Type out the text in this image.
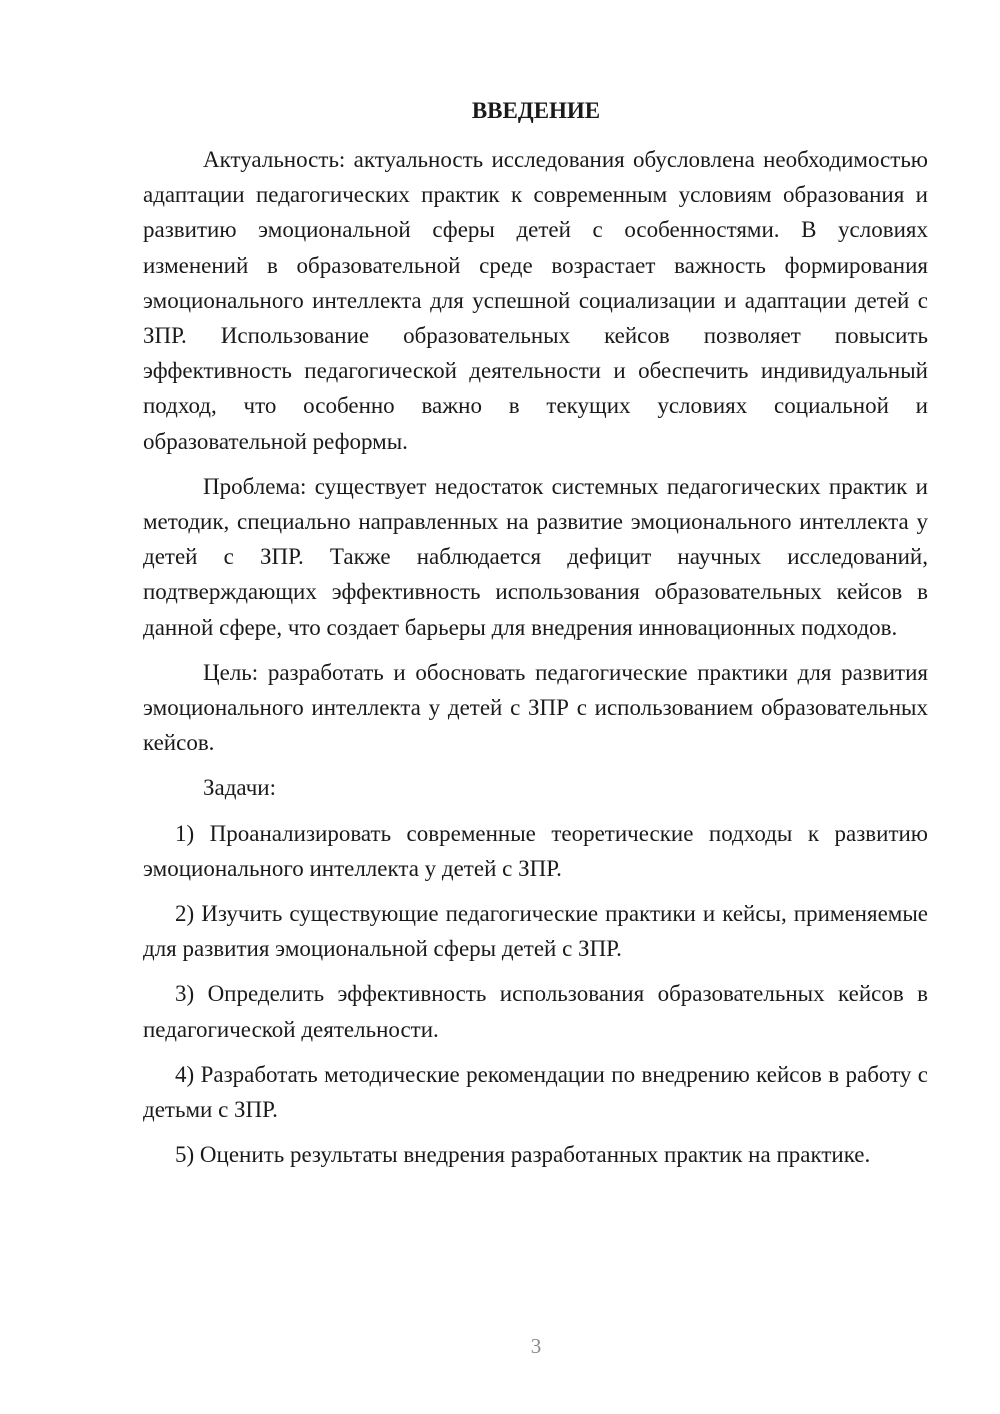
ВВЕДЕНИЕ

Актуальность: актуальность исследования обусловлена необходимостью адаптации педагогических практик к современным условиям образования и развитию эмоциональной сферы детей с особенностями. В условиях изменений в образовательной среде возрастает важность формирования эмоционального интеллекта для успешной социализации и адаптации детей с ЗПР. Использование образовательных кейсов позволяет повысить эффективность педагогической деятельности и обеспечить индивидуальный подход, что особенно важно в текущих условиях социальной и образовательной реформы.

Проблема: существует недостаток системных педагогических практик и методик, специально направленных на развитие эмоционального интеллекта у детей с ЗПР. Также наблюдается дефицит научных исследований, подтверждающих эффективность использования образовательных кейсов в данной сфере, что создает барьеры для внедрения инновационных подходов.

Цель: разработать и обосновать педагогические практики для развития эмоционального интеллекта у детей с ЗПР с использованием образовательных кейсов.

Задачи:

1) Проанализировать современные теоретические подходы к развитию эмоционального интеллекта у детей с ЗПР.

2) Изучить существующие педагогические практики и кейсы, применяемые для развития эмоциональной сферы детей с ЗПР.

3) Определить эффективность использования образовательных кейсов в педагогической деятельности.

4) Разработать методические рекомендации по внедрению кейсов в работу с детьми с ЗПР.

5) Оценить результаты внедрения разработанных практик на практике.

3
